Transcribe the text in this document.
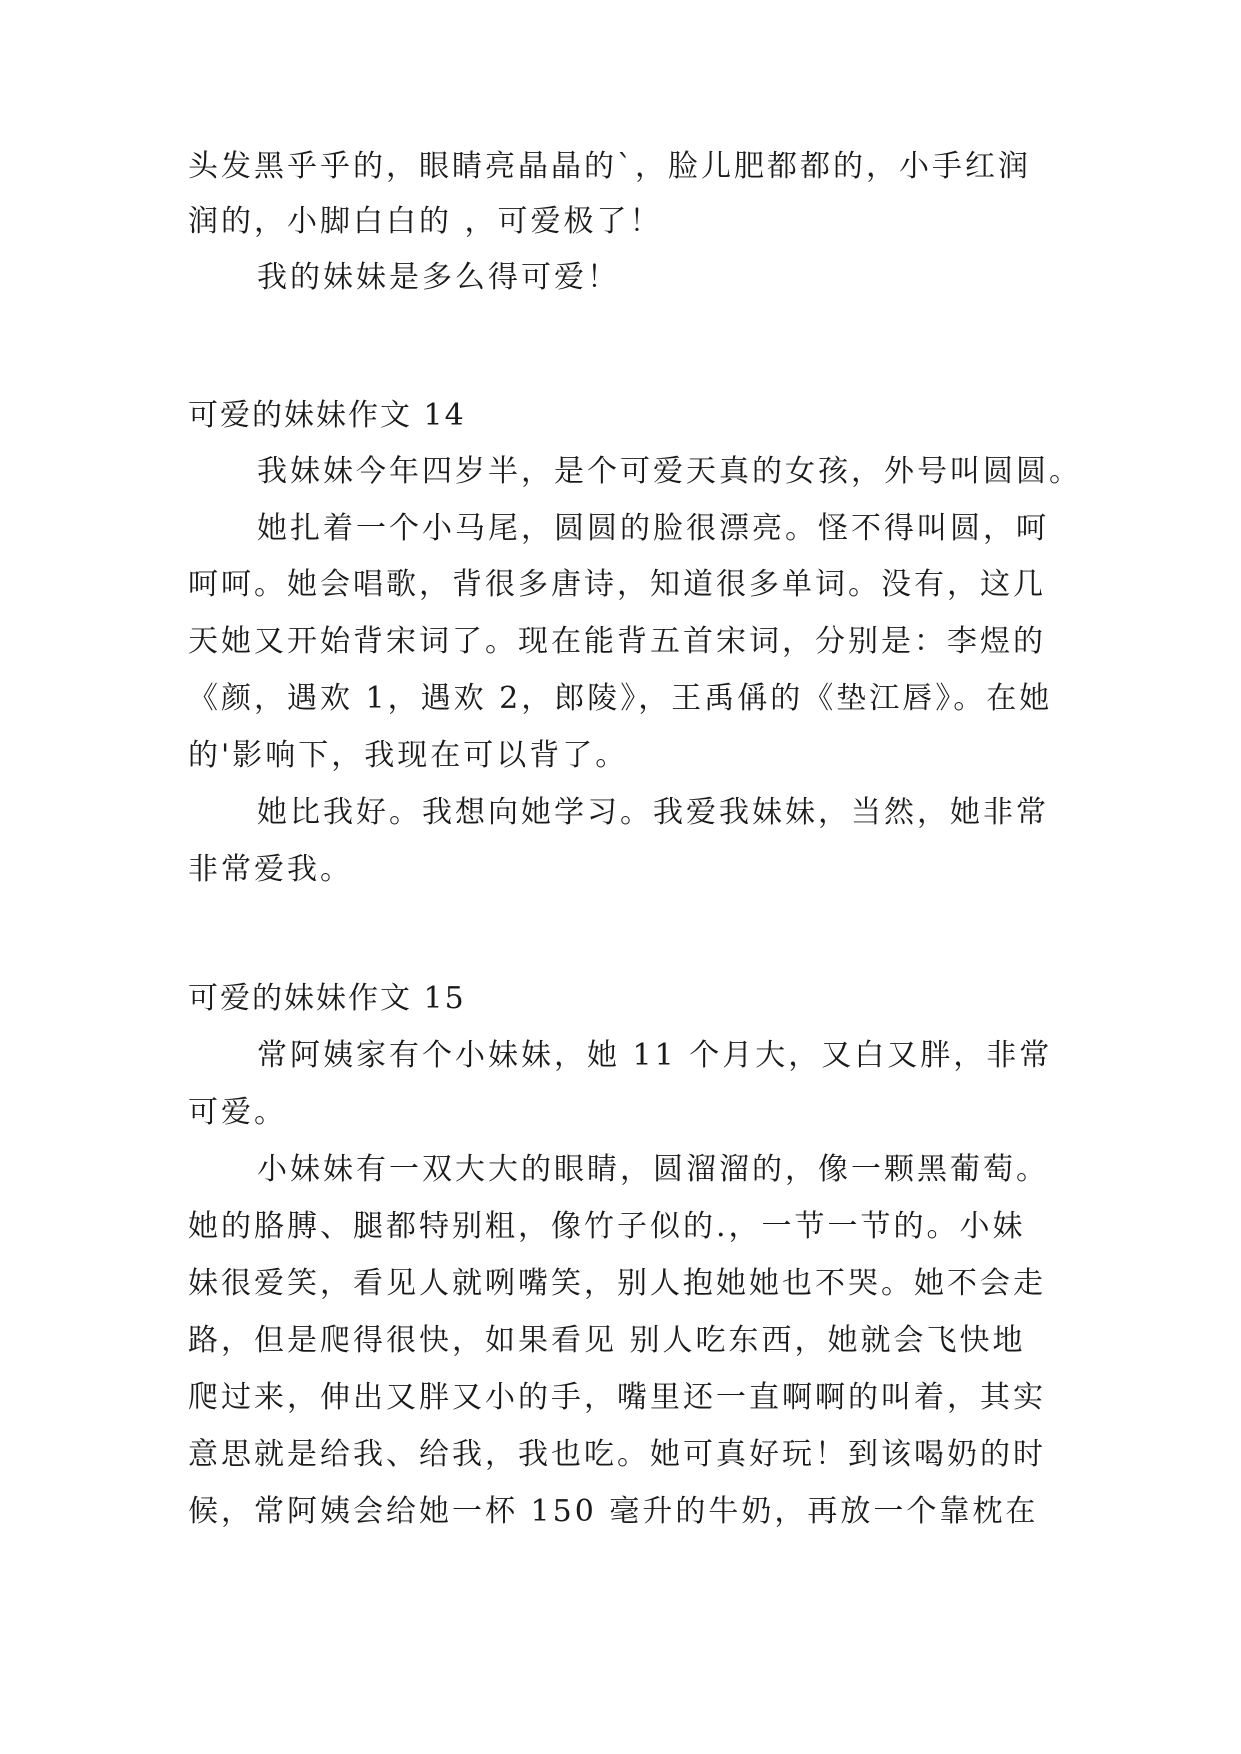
头发黑乎乎的，眼睛亮晶晶的`，脸儿肥都都的，小手红润

润的，小脚白白的 ，可爱极了！

我的妹妹是多么得可爱！

可爱的妹妹作文 14

我妹妹今年四岁半，是个可爱天真的女孩，外号叫圆圆。

她扎着一个小马尾，圆圆的脸很漂亮。怪不得叫圆，呵

呵呵。她会唱歌，背很多唐诗，知道很多单词。没有，这几

天她又开始背宋词了。现在能背五首宋词，分别是：李煜的

《颜，遇欢 1，遇欢 2，郎陵》，王禹偁的《垫江唇》。在她

的'影响下，我现在可以背了。

她比我好。我想向她学习。我爱我妹妹，当然，她非常

非常爱我。

可爱的妹妹作文 15

常阿姨家有个小妹妹，她 11 个月大，又白又胖，非常

可爱。

小妹妹有一双大大的眼睛，圆溜溜的，像一颗黑葡萄。

她的胳膊、腿都特别粗，像竹子似的.，一节一节的。小妹

妹很爱笑，看见人就咧嘴笑，别人抱她她也不哭。她不会走

路，但是爬得很快，如果看见 别人吃东西，她就会飞快地

爬过来，伸出又胖又小的手，嘴里还一直啊啊的叫着，其实

意思就是给我、给我，我也吃。她可真好玩！到该喝奶的时

候，常阿姨会给她一杯 150 毫升的牛奶，再放一个靠枕在
